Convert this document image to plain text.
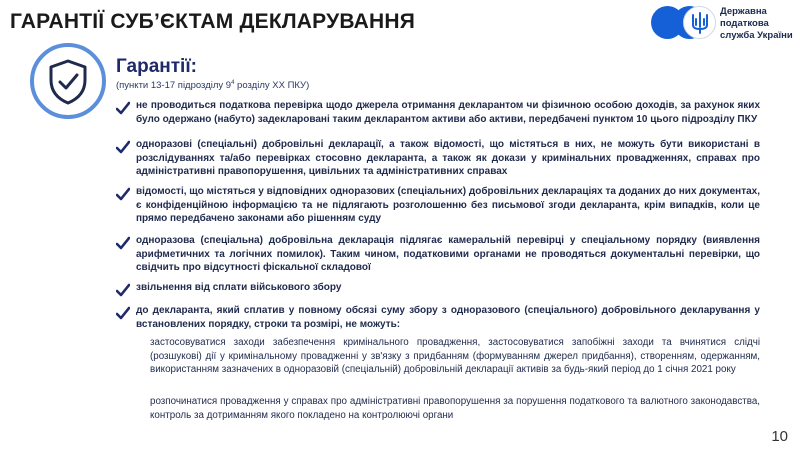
ГАРАНТІЇ СУБ’ЄКТАМ ДЕКЛАРУВАННЯ	Державна
податкова
служба України
Гарантії:
(пункти 13-17 підрозділу $9^4$ розділу XX ПКУ)
не проводиться податкова перевірка щодо джерела отримання декларантом чи фізичною особою доходів, за рахунок яких було одержано (набуто) задекларовані таким декларантом активи або активи, передбачені пунктом 10 цього підрозділу ПКУ
одноразові (спеціальні) добровільні декларації, а також відомості, що містяться в них, не можуть бути використані в розслідуваннях та/або перевірках стосовно декларанта, а також як докази у кримінальних провадженнях, справах про адміністративні правопорушення, цивільних та адміністративних справах
відомості, що містяться у відповідних одноразових (спеціальних) добровільних деклараціях та доданих до них документах, є конфіденційною інформацією та не підлягають розголошенню без письмової згоди декларанта, крім випадків, коли це прямо передбачено законами або рішенням суду
одноразова (спеціальна) добровільна декларація підлягає камеральній перевірці у спеціальному порядку (виявлення арифметичних та логічних помилок). Таким чином, податковими органами не проводяться документальні перевірки, що свідчить про відсутності фіскальної складової
звільнення від сплати військового збору
до декларанта, який сплатив у повному обсязі суму збору з одноразового (спеціального) добровільного декларування у встановлених порядку, строки та розмірі, не можуть:
застосовуватися заходи забезпечення кримінального провадження, застосовуватися запобіжні заходи та вчинятися слідчі (розшукові) дії у кримінальному провадженні у зв'язку з придбанням (формуванням джерел придбання), створенням, одержанням, використанням зазначених в одноразовій (спеціальній) добровільній декларації активів за будь-який період до 1 січня 2021 року
розпочинатися провадження у справах про адміністративні правопорушення за порушення податкового та валютного законодавства, контроль за дотриманням якого покладено на контролюючі органи
10
